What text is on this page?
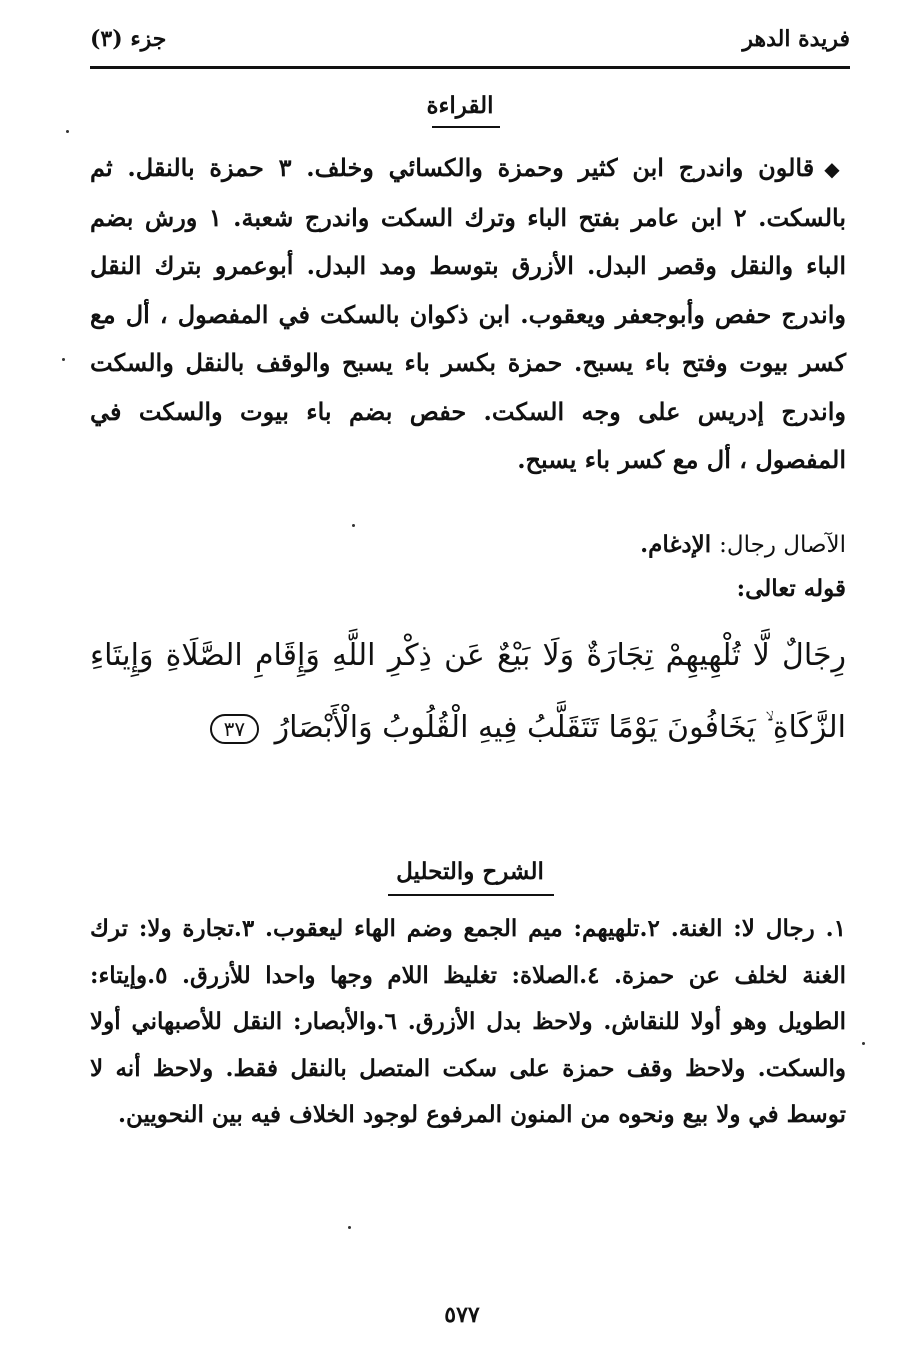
فريدة الدهر
جزء (٣)
القراءة
◆قالون واندرج ابن كثير وحمزة والكسائي وخلف. ٣ حمزة بالنقل. ثم بالسكت. ٢ ابن عامر بفتح الباء وترك السكت واندرج شعبة. ١ ورش بضم الباء والنقل وقصر البدل. الأزرق بتوسط ومد البدل. أبوعمرو بترك النقل واندرج حفص وأبوجعفر ويعقوب. ابن ذكوان بالسكت في المفصول ، أل مع كسر بيوت وفتح باء يسبح. حمزة بكسر باء يسبح والوقف بالنقل والسكت واندرج إدريس على وجه السكت. حفص بضم باء بيوت والسكت في المفصول ، أل مع كسر باء يسبح.
الآصال رجال: الإدغام.
قوله تعالى:
رِجَالٌ لَّا تُلْهِيهِمْ تِجَارَةٌ وَلَا بَيْعٌ عَن ذِكْرِ اللَّهِ وَإِقَامِ الصَّلَاةِ وَإِيتَاءِ الزَّكَاةِ ۙ يَخَافُونَ يَوْمًا تَتَقَلَّبُ فِيهِ الْقُلُوبُ وَالْأَبْصَارُ ٣٧
الشرح والتحليل
١. رجال لا: الغنة. ٢.تلهيهم: ميم الجمع وضم الهاء ليعقوب. ٣.تجارة ولا: ترك الغنة لخلف عن حمزة. ٤.الصلاة: تغليظ اللام وجها واحدا للأزرق. ٥.وإيتاء: الطويل وهو أولا للنقاش. ولاحظ بدل الأزرق. ٦.والأبصار: النقل للأصبهاني أولا والسكت. ولاحظ وقف حمزة على سكت المتصل بالنقل فقط. ولاحظ أنه لا توسط في ولا بيع ونحوه من المنون المرفوع لوجود الخلاف فيه بين النحويين.
٥٧٧
